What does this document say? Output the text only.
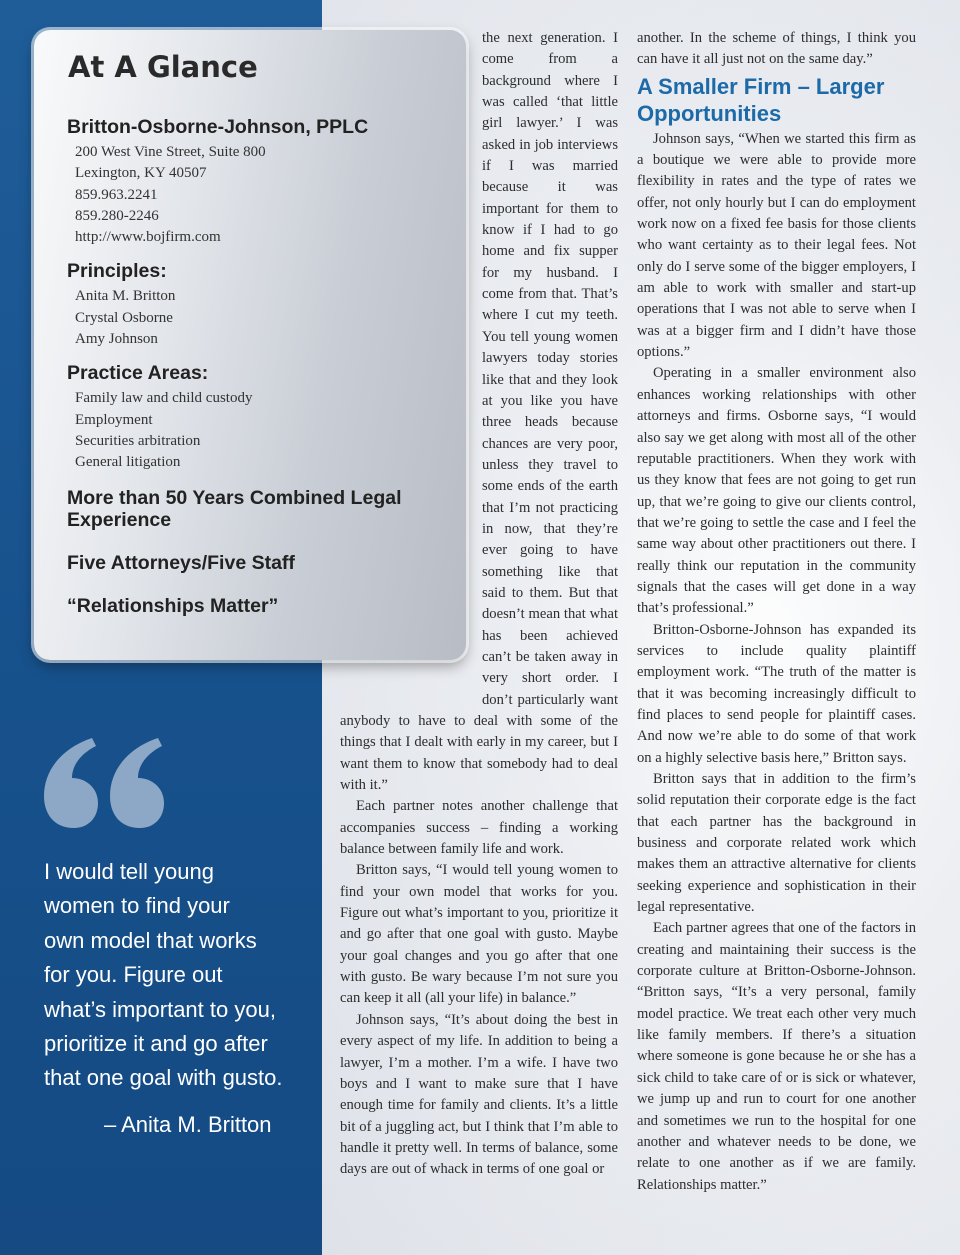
At A Glance
Britton-Osborne-Johnson, PPLC
200 West Vine Street, Suite 800
Lexington, KY 40507
859.963.2241
859.280-2246
http://www.bojfirm.com
Principles:
Anita M. Britton
Crystal Osborne
Amy Johnson
Practice Areas:
Family law and child custody
Employment
Securities arbitration
General litigation
More than 50 Years Combined Legal Experience
Five Attorneys/Five Staff
“Relationships Matter”

I would tell young

women to find your

own model that works

for you. Figure out

what’s important to you,

prioritize it and go after

that one goal with gusto.

– Anita M. Britton

the next generation. I come from a background where I was called ‘that little girl lawyer.’ I was asked in job interviews if I was married because it was important for them to know if I had to go home and fix supper for my husband. I come from that. That’s where I cut my teeth. You tell young women lawyers today stories like that and they look at you like you have three heads because chances are very poor, unless they travel to some ends of the earth that I’m not practicing in now, that they’re ever going to have something like that said to them. But that doesn’t mean that what has been achieved can’t be taken away in very short order. I don’t particularly want anybody to have to deal with some of the things that I dealt with early in my career, but I want them to know that somebody had to deal with it.”

Each partner notes another challenge that accompanies success – finding a working balance between family life and work.

Britton says, “I would tell young women to find your own model that works for you. Figure out what’s important to you, prioritize it and go after that one goal with gusto. Maybe your goal changes and you go after that one with gusto. Be wary because I’m not sure you can keep it all (all your life) in balance.”

Johnson says, “It’s about doing the best in every aspect of my life. In addition to being a lawyer, I’m a mother. I’m a wife. I have two boys and I want to make sure that I have enough time for family and clients. It’s a little bit of a juggling act, but I think that I’m able to handle it pretty well. In terms of balance, some days are out of whack in terms of one goal or

another. In the scheme of things, I think you can have it all just not on the same day.”

A Smaller Firm – Larger Opportunities

Johnson says, “When we started this firm as a boutique we were able to provide more flexibility in rates and the type of rates we offer, not only hourly but I can do employment work now on a fixed fee basis for those clients who want certainty as to their legal fees. Not only do I serve some of the bigger employers, I am able to work with smaller and start-up operations that I was not able to serve when I was at a bigger firm and I didn’t have those options.”

Operating in a smaller environment also enhances working relationships with other attorneys and firms. Osborne says, “I would also say we get along with most all of the other reputable practitioners. When they work with us they know that fees are not going to get run up, that we’re going to give our clients control, that we’re going to settle the case and I feel the same way about other practitioners out there. I really think our reputation in the community signals that the cases will get done in a way that’s professional.”

Britton-Osborne-Johnson has expanded its services to include quality plaintiff employment work. “The truth of the matter is that it was becoming increasingly difficult to find places to send people for plaintiff cases. And now we’re able to do some of that work on a highly selective basis here,” Britton says.

Britton says that in addition to the firm’s solid reputation their corporate edge is the fact that each partner has the background in business and corporate related work which makes them an attractive alternative for clients seeking experience and sophistication in their legal representative.

Each partner agrees that one of the factors in creating and maintaining their success is the corporate culture at Britton-Osborne-Johnson. “Britton says, “It’s a very personal, family model practice. We treat each other very much like family members. If there’s a situation where someone is gone because he or she has a sick child to take care of or is sick or whatever, we jump up and run to court for one another and sometimes we run to the hospital for one another and whatever needs to be done, we relate to one another as if we are family. Relationships matter.”
